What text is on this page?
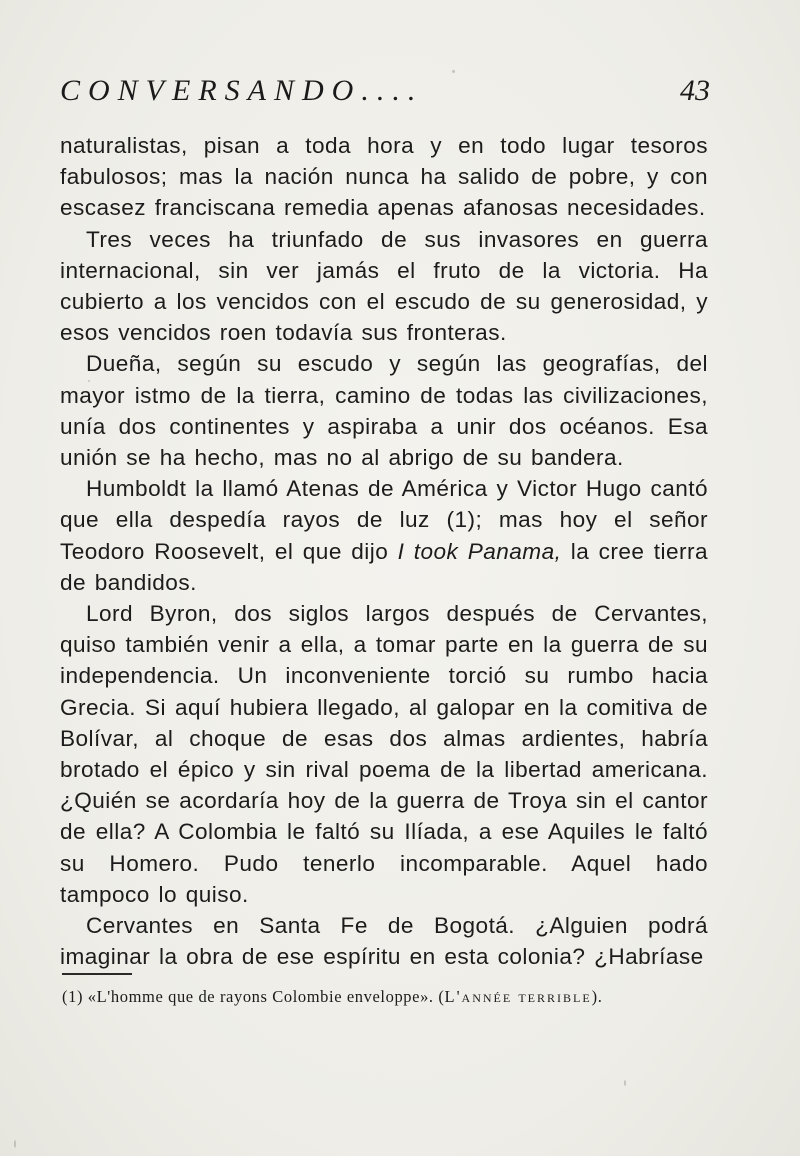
CONVERSANDO....	43

naturalistas, pisan a toda hora y en todo lugar tesoros fabulosos; mas la nación nunca ha salido de pobre, y con escasez franciscana remedia apenas afanosas necesidades.

Tres veces ha triunfado de sus invasores en guerra internacional, sin ver jamás el fruto de la victoria. Ha cubierto a los vencidos con el escudo de su generosidad, y esos vencidos roen todavía sus fronteras.

Dueña, según su escudo y según las geografías, del mayor istmo de la tierra, camino de todas las civilizaciones, unía dos continentes y aspiraba a unir dos océanos. Esa unión se ha hecho, mas no al abrigo de su bandera.

Humboldt la llamó Atenas de América y Victor Hugo cantó que ella despedía rayos de luz (1); mas hoy el señor Teodoro Roosevelt, el que dijo I took Panama, la cree tierra de bandidos.

Lord Byron, dos siglos largos después de Cervantes, quiso también venir a ella, a tomar parte en la guerra de su independencia. Un inconveniente torció su rumbo hacia Grecia. Si aquí hubiera llegado, al galopar en la comitiva de Bolívar, al choque de esas dos almas ardientes, habría brotado el épico y sin rival poema de la libertad americana. ¿Quién se acordaría hoy de la guerra de Troya sin el cantor de ella? A Colombia le faltó su Ilíada, a ese Aquiles le faltó su Homero. Pudo tenerlo incomparable. Aquel hado tampoco lo quiso.

Cervantes en Santa Fe de Bogotá. ¿Alguien podrá imaginar la obra de ese espíritu en esta colonia? ¿Habríase

(1) «L'homme que de rayons Colombie enveloppe». (L'année terrible).
